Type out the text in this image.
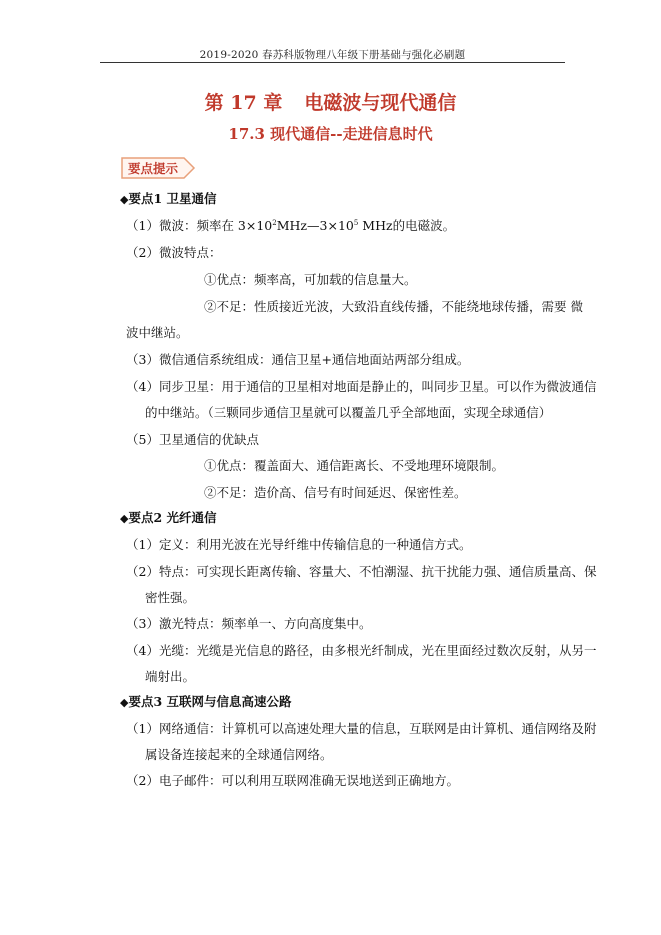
2019-2020 春苏科版物理八年级下册基础与强化必刷题
第 17 章 电磁波与现代通信
17.3 现代通信--走进信息时代
要点提示
◆要点1 卫星通信
（1）微波：频率在 $3\times 10^2MHz—3\times 10^5$ MHz的电磁波。
（2）微波特点：
①优点：频率高，可加载的信息量大。
②不足：性质接近光波，大致沿直线传播，不能绕地球传播，需要 微
波中继站。
（3）微信通信系统组成：通信卫星+通信地面站两部分组成。
（4）同步卫星：用于通信的卫星相对地面是静止的，叫同步卫星。可以作为微波通信
的中继站。（三颗同步通信卫星就可以覆盖几乎全部地面，实现全球通信）
（5）卫星通信的优缺点
①优点：覆盖面大、通信距离长、不受地理环境限制。
②不足：造价高、信号有时间延迟、保密性差。
◆要点2 光纤通信
（1）定义：利用光波在光导纤维中传输信息的一种通信方式。
（2）特点：可实现长距离传输、容量大、不怕潮湿、抗干扰能力强、通信质量高、保
密性强。
（3）激光特点：频率单一、方向高度集中。
（4）光缆：光缆是光信息的路径，由多根光纤制成，光在里面经过数次反射，从另一
端射出。
◆要点3 互联网与信息高速公路
（1）网络通信：计算机可以高速处理大量的信息，互联网是由计算机、通信网络及附
属设备连接起来的全球通信网络。
（2）电子邮件：可以利用互联网准确无误地送到正确地方。
